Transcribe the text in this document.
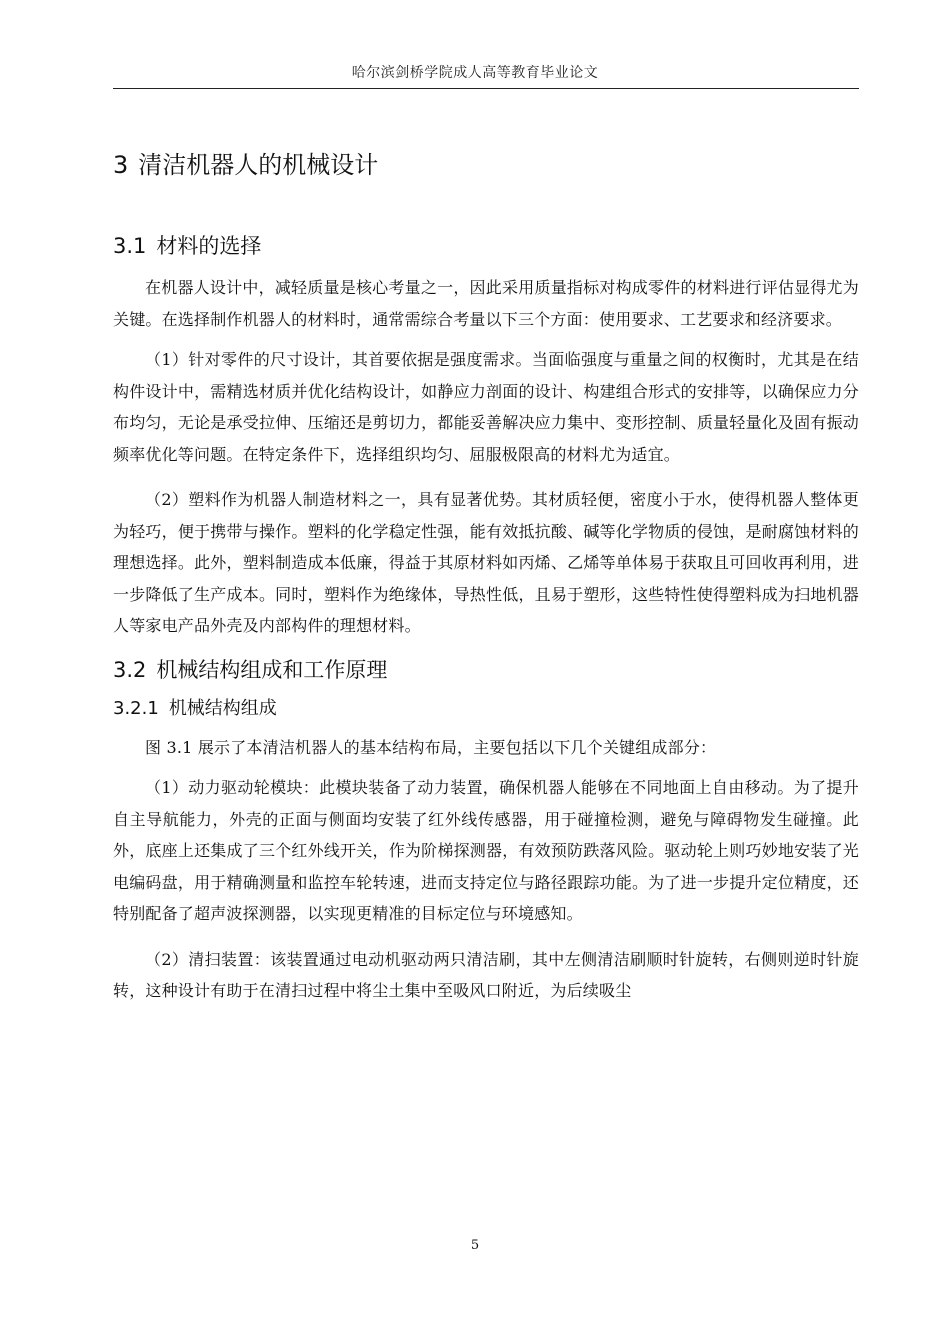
哈尔滨剑桥学院成人高等教育毕业论文
3 清洁机器人的机械设计
3.1 材料的选择

在机器人设计中，减轻质量是核心考量之一，因此采用质量指标对构成零件的材料进行评估显得尤为关键。在选择制作机器人的材料时，通常需综合考量以下三个方面：使用要求、工艺要求和经济要求。

（1）针对零件的尺寸设计，其首要依据是强度需求。当面临强度与重量之间的权衡时，尤其是在结构件设计中，需精选材质并优化结构设计，如静应力剖面的设计、构建组合形式的安排等，以确保应力分布均匀，无论是承受拉伸、压缩还是剪切力，都能妥善解决应力集中、变形控制、质量轻量化及固有振动频率优化等问题。在特定条件下，选择组织均匀、屈服极限高的材料尤为适宜。

（2）塑料作为机器人制造材料之一，具有显著优势。其材质轻便，密度小于水，使得机器人整体更为轻巧，便于携带与操作。塑料的化学稳定性强，能有效抵抗酸、碱等化学物质的侵蚀，是耐腐蚀材料的理想选择。此外，塑料制造成本低廉，得益于其原材料如丙烯、乙烯等单体易于获取且可回收再利用，进一步降低了生产成本。同时，塑料作为绝缘体，导热性低，且易于塑形，这些特性使得塑料成为扫地机器人等家电产品外壳及内部构件的理想材料。

3.2 机械结构组成和工作原理
3.2.1 机械结构组成

图 3.1 展示了本清洁机器人的基本结构布局，主要包括以下几个关键组成部分：

（1）动力驱动轮模块：此模块装备了动力装置，确保机器人能够在不同地面上自由移动。为了提升自主导航能力，外壳的正面与侧面均安装了红外线传感器，用于碰撞检测，避免与障碍物发生碰撞。此外，底座上还集成了三个红外线开关，作为阶梯探测器，有效预防跌落风险。驱动轮上则巧妙地安装了光电编码盘，用于精确测量和监控车轮转速，进而支持定位与路径跟踪功能。为了进一步提升定位精度，还特别配备了超声波探测器，以实现更精准的目标定位与环境感知。

（2）清扫装置：该装置通过电动机驱动两只清洁刷，其中左侧清洁刷顺时针旋转，右侧则逆时针旋转，这种设计有助于在清扫过程中将尘土集中至吸风口附近，为后续吸尘

5
